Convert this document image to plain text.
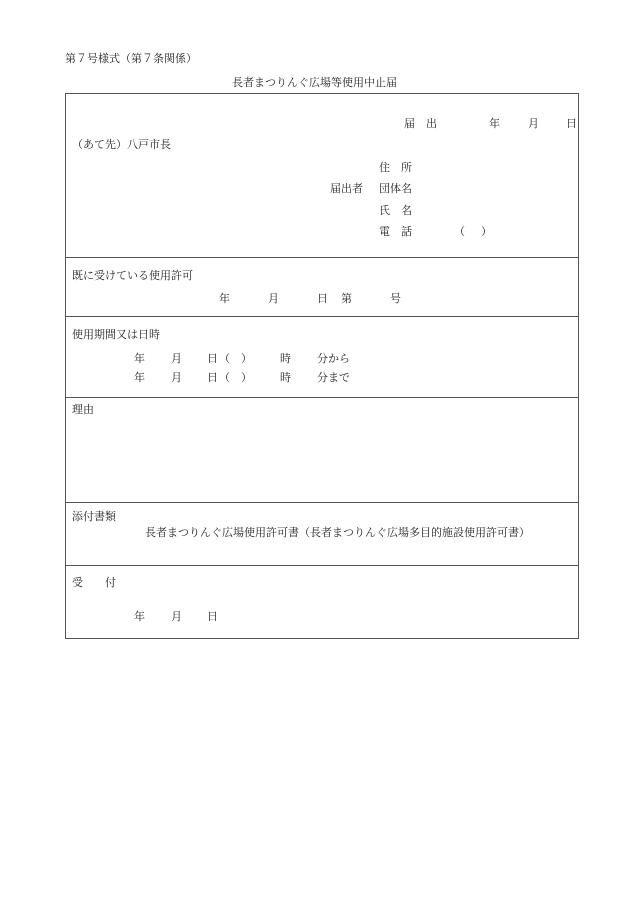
第７号様式（第７条関係）
長者まつりんぐ広場等使用中止届
届　出	年	月 日
（あて先）八戸市長
住　所
届出者 団体名
氏　名
電　話	（ ）
既に受けている使用許可
年	月	日 第	号
使用期間又は日時
年 月 日 （　）	時 分から
年 月 日 （　）	時 分まで
理由
添付書類
長者まつりんぐ広場使用許可書（長者まつりんぐ広場多目的施設使用許可書）
受　　付
年 月 日
